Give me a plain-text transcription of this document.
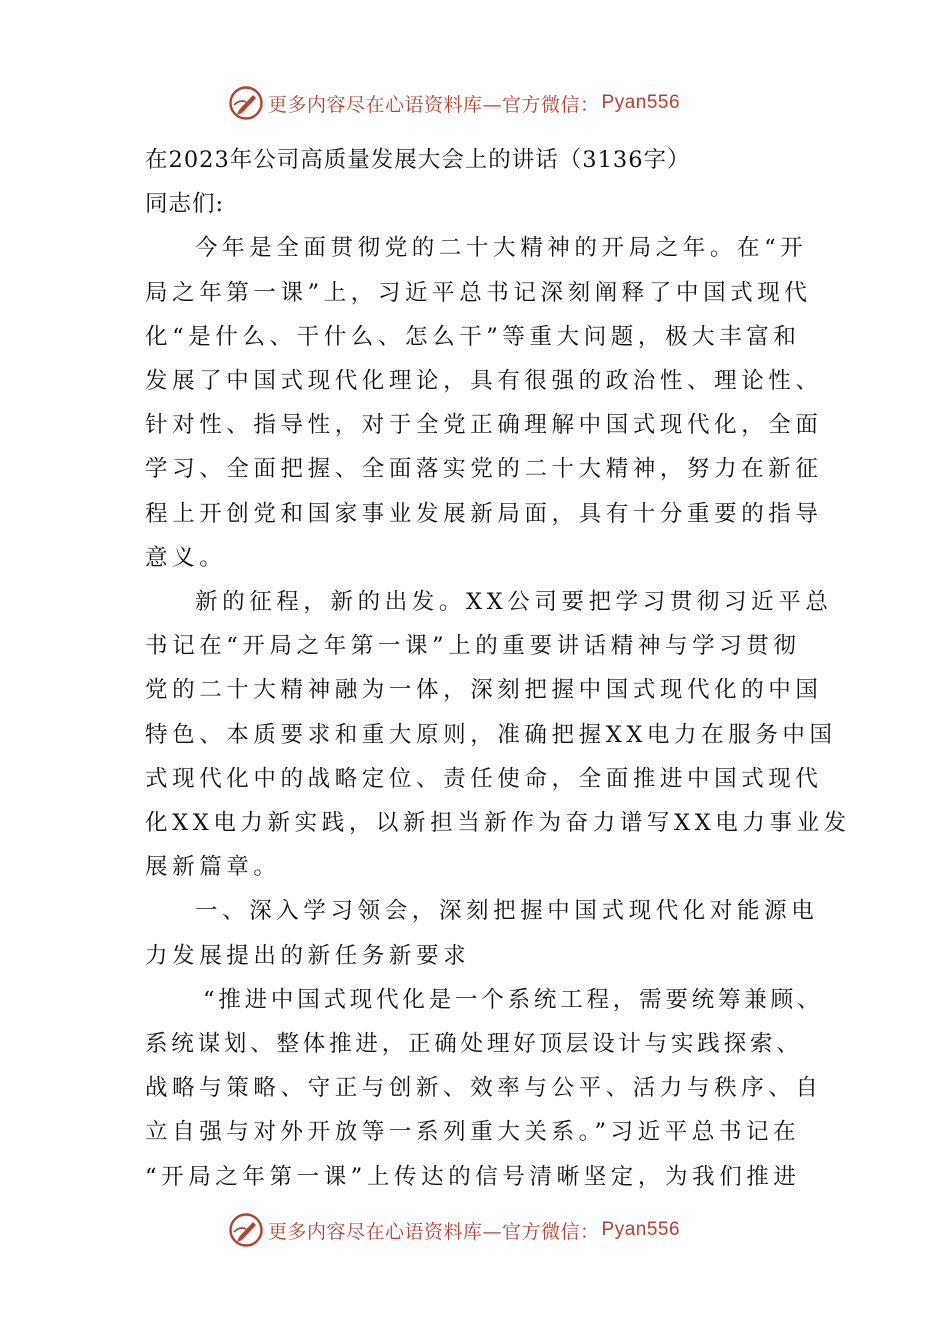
更多内容尽在心语资料库—官方微信： Pyan556
在2023年公司高质量发展大会上的讲话（3136字）
同志们:
今年是全面贯彻党的二十大精神的开局之年。在“开
局之年第一课”上，习近平总书记深刻阐释了中国式现代
化“是什么、干什么、怎么干”等重大问题，极大丰富和
发展了中国式现代化理论，具有很强的政治性、理论性、
针对性、指导性，对于全党正确理解中国式现代化，全面
学习、全面把握、全面落实党的二十大精神，努力在新征
程上开创党和国家事业发展新局面，具有十分重要的指导
意义。
新的征程，新的出发。XX公司要把学习贯彻习近平总
书记在“开局之年第一课”上的重要讲话精神与学习贯彻
党的二十大精神融为一体，深刻把握中国式现代化的中国
特色、本质要求和重大原则，准确把握XX电力在服务中国
式现代化中的战略定位、责任使命，全面推进中国式现代
化XX电力新实践，以新担当新作为奋力谱写XX电力事业发
展新篇章。
一、深入学习领会，深刻把握中国式现代化对能源电
力发展提出的新任务新要求
“推进中国式现代化是一个系统工程，需要统筹兼顾、
系统谋划、整体推进，正确处理好顶层设计与实践探索、
战略与策略、守正与创新、效率与公平、活力与秩序、自
立自强与对外开放等一系列重大关系。”习近平总书记在
“开局之年第一课”上传达的信号清晰坚定，为我们推进
更多内容尽在心语资料库—官方微信： Pyan556
